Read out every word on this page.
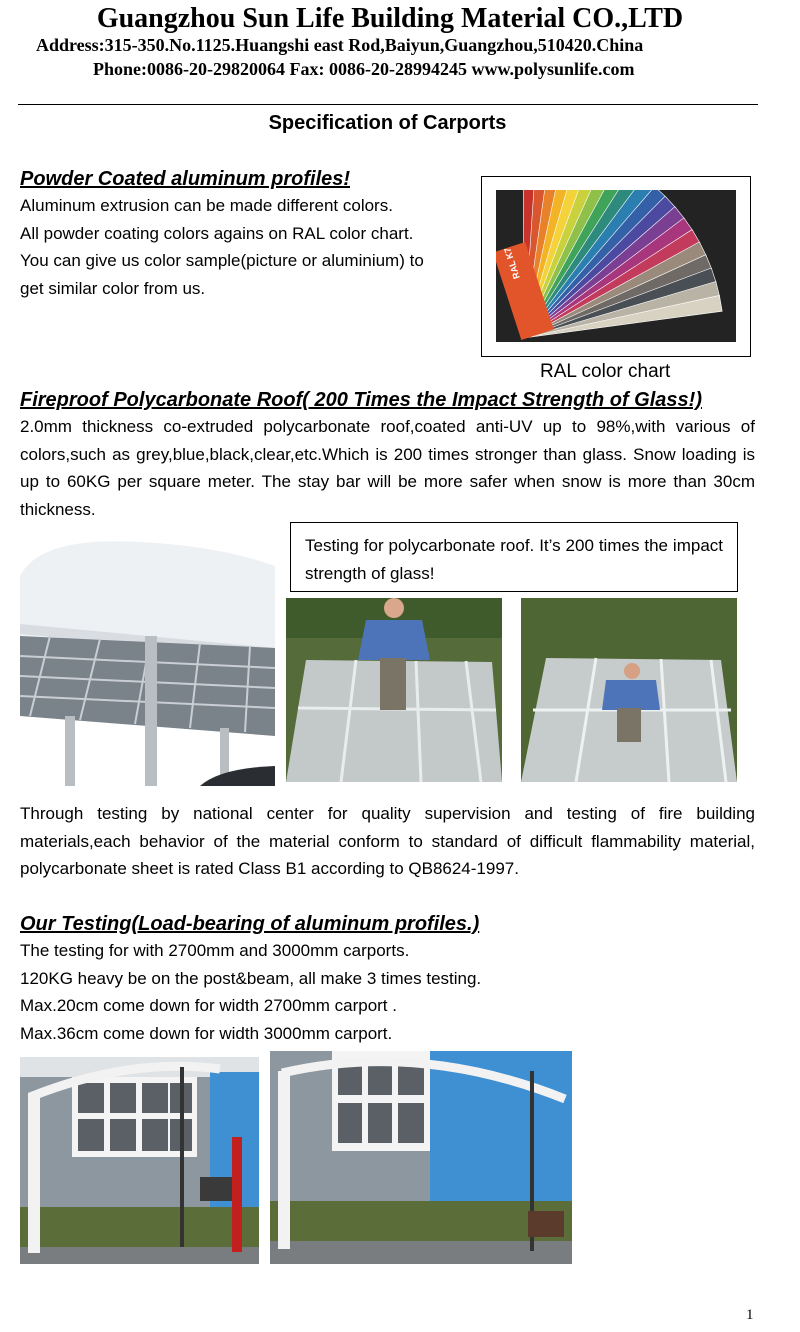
Guangzhou Sun Life Building Material CO.,LTD
Address:315-350.No.1125.Huangshi east Rod,Baiyun,Guangzhou,510420.China
Phone:0086-20-29820064 Fax: 0086-20-28994245 www.polysunlife.com
Specification of Carports
Powder Coated aluminum profiles!
Aluminum extrusion can be made different colors.
All powder coating colors agains on RAL color chart.
You can give us color sample(picture or aluminium) to
get similar color from us.
RAL K7
RAL color chart
Fireproof Polycarbonate Roof( 200 Times the Impact Strength of Glass!)
2.0mm thickness co-extruded polycarbonate roof,coated anti-UV up to 98%,with various of colors,such as grey,blue,black,clear,etc.Which is 200 times stronger than glass. Snow loading is up to 60KG per square meter. The stay bar will be more safer when snow is more than 30cm thickness.
Testing for polycarbonate roof. It’s 200 times the impact strength of glass!
Through testing by national center for quality supervision and testing of fire building materials,each behavior of the material conform to standard of difficult flammability material, polycarbonate sheet is rated Class B1 according to QB8624-1997.
Our Testing(Load-bearing of aluminum profiles.)
The testing for with 2700mm and 3000mm carports.
120KG heavy be on the post&beam, all make 3 times testing.
Max.20cm come down for width 2700mm carport .
Max.36cm come down for width 3000mm carport.
1
